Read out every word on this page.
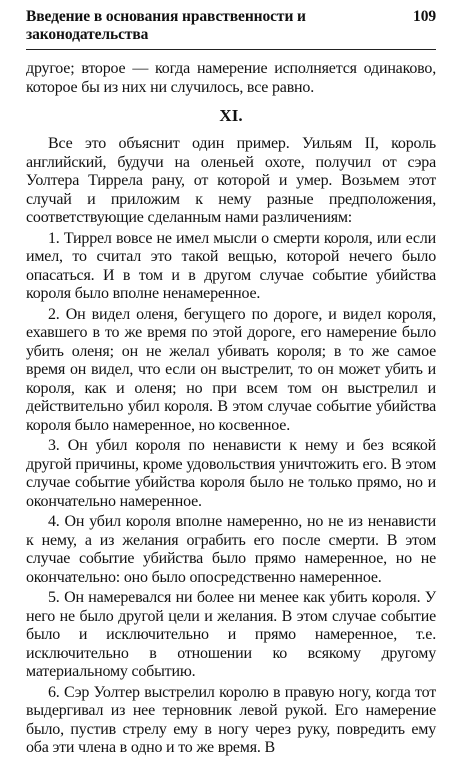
Введение в основания нравственности и законодательства
109

другое; второе — когда намерение исполняется одинаково, которое бы из них ни случилось, все равно.

XI.

Все это объяснит один пример. Уильям II, король английский, будучи на оленьей охоте, получил от сэра Уолтера Тиррела рану, от которой и умер. Возьмем этот случай и приложим к нему разные предположения, соответствующие сделанным нами различениям:

1. Тиррел вовсе не имел мысли о смерти короля, или если имел, то считал это такой вещью, которой нечего было опасаться. И в том и в другом случае событие убийства короля было вполне ненамеренное.

2. Он видел оленя, бегущего по дороге, и видел короля, ехавшего в то же время по этой дороге, его намерение было убить оленя; он не желал убивать короля; в то же самое время он видел, что если он выстрелит, то он может убить и короля, как и оленя; но при всем том он выстрелил и действительно убил короля. В этом случае событие убийства короля было намеренное, но косвенное.

3. Он убил короля по ненависти к нему и без всякой другой причины, кроме удовольствия уничтожить его. В этом случае событие убийства короля было не только прямо, но и окончательно намеренное.

4. Он убил короля вполне намеренно, но не из ненависти к нему, а из желания ограбить его после смерти. В этом случае событие убийства было прямо намеренное, но не окончательно: оно было опосредственно намеренное.

5. Он намеревался ни более ни менее как убить короля. У него не было другой цели и желания. В этом случае событие было и исключительно и прямо намеренное, т.е. исключительно в отношении ко всякому другому материальному событию.

6. Сэр Уолтер выстрелил королю в правую ногу, когда тот выдергивал из нее терновник левой рукой. Его намерение было, пустив стрелу ему в ногу через руку, повредить ему оба эти члена в одно и то же время. В
